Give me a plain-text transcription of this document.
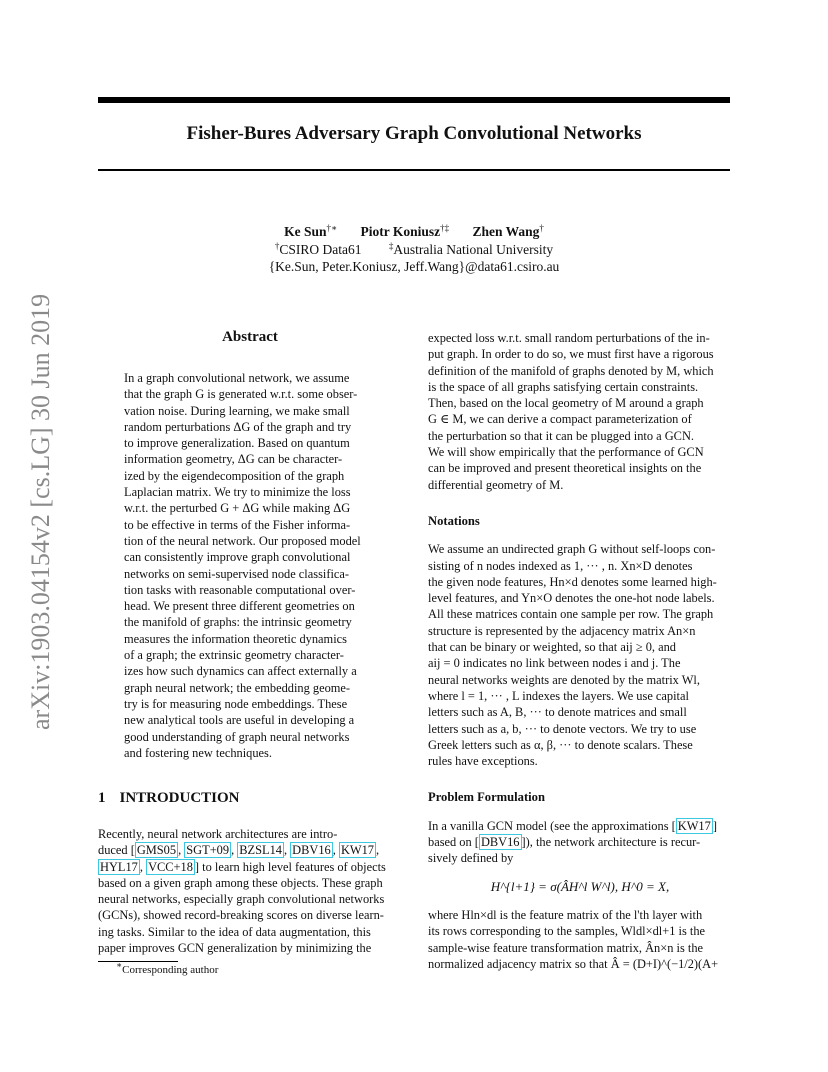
Fisher-Bures Adversary Graph Convolutional Networks
Ke Sun†∗ Piotr Koniusz†‡ Zhen Wang†
†CSIRO Data61	‡Australia National University
{Ke.Sun, Peter.Koniusz, Jeff.Wang}@data61.csiro.au
arXiv:1903.04154v2 [cs.LG] 30 Jun 2019	Abstract
In a graph convolutional network, we assume
that the graph G is generated w.r.t. some obser-
vation noise. During learning, we make small
random perturbations ΔG of the graph and try
to improve generalization. Based on quantum
information geometry, ΔG can be character-
ized by the eigendecomposition of the graph
Laplacian matrix. We try to minimize the loss
w.r.t. the perturbed G + ΔG while making ΔG
to be effective in terms of the Fisher informa-
tion of the neural network. Our proposed model
can consistently improve graph convolutional
networks on semi-supervised node classifica-
tion tasks with reasonable computational over-
head. We present three different geometries on
the manifold of graphs: the intrinsic geometry
measures the information theoretic dynamics
of a graph; the extrinsic geometry character-
izes how such dynamics can affect externally a
graph neural network; the embedding geome-
try is for measuring node embeddings. These
new analytical tools are useful in developing a
good understanding of graph neural networks
and fostering new techniques.
1 INTRODUCTION
Recently, neural network architectures are intro-
duced [ GMS05 , SGT+09 , BZSL14 , DBV16 , KW17 ,
HYL17 , VCC+18 ] to learn high level features of objects
based on a given graph among these objects. These graph
neural networks, especially graph convolutional networks
(GCNs), showed record-breaking scores on diverse learn-
ing tasks. Similar to the idea of data augmentation, this
paper improves GCN generalization by minimizing the
∗Corresponding author
expected loss w.r.t. small random perturbations of the in-
put graph. In order to do so, we must first have a rigorous
definition of the manifold of graphs denoted by M, which
is the space of all graphs satisfying certain constraints.
Then, based on the local geometry of M around a graph
G ∈ M, we can derive a compact parameterization of
the perturbation so that it can be plugged into a GCN.
We will show empirically that the performance of GCN
can be improved and present theoretical insights on the
differential geometry of M.
Notations
We assume an undirected graph G without self-loops con-
sisting of n nodes indexed as 1, ··· , n. Xn×D denotes
the given node features, Hn×d denotes some learned high-
level features, and Yn×O denotes the one-hot node labels.
All these matrices contain one sample per row. The graph
structure is represented by the adjacency matrix An×n
that can be binary or weighted, so that aij ≥ 0, and
aij = 0 indicates no link between nodes i and j. The
neural networks weights are denoted by the matrix Wl,
where l = 1, ··· , L indexes the layers. We use capital
letters such as A, B, ··· to denote matrices and small
letters such as a, b, ··· to denote vectors. We try to use
Greek letters such as α, β, ··· to denote scalars. These
rules have exceptions.
Problem Formulation
In a vanilla GCN model (see the approximations [ KW17 ]
based on [ DBV16 ]), the network architecture is recur-
sively defined by
H^{l+1} = σ(ÂH^l W^l), H^0 = X,
where Hln×dl is the feature matrix of the l'th layer with
its rows corresponding to the samples, Wldl×dl+1 is the
sample-wise feature transformation matrix, Ân×n is the
normalized adjacency matrix so that Â = (D+I)^(−1/2)(A+
